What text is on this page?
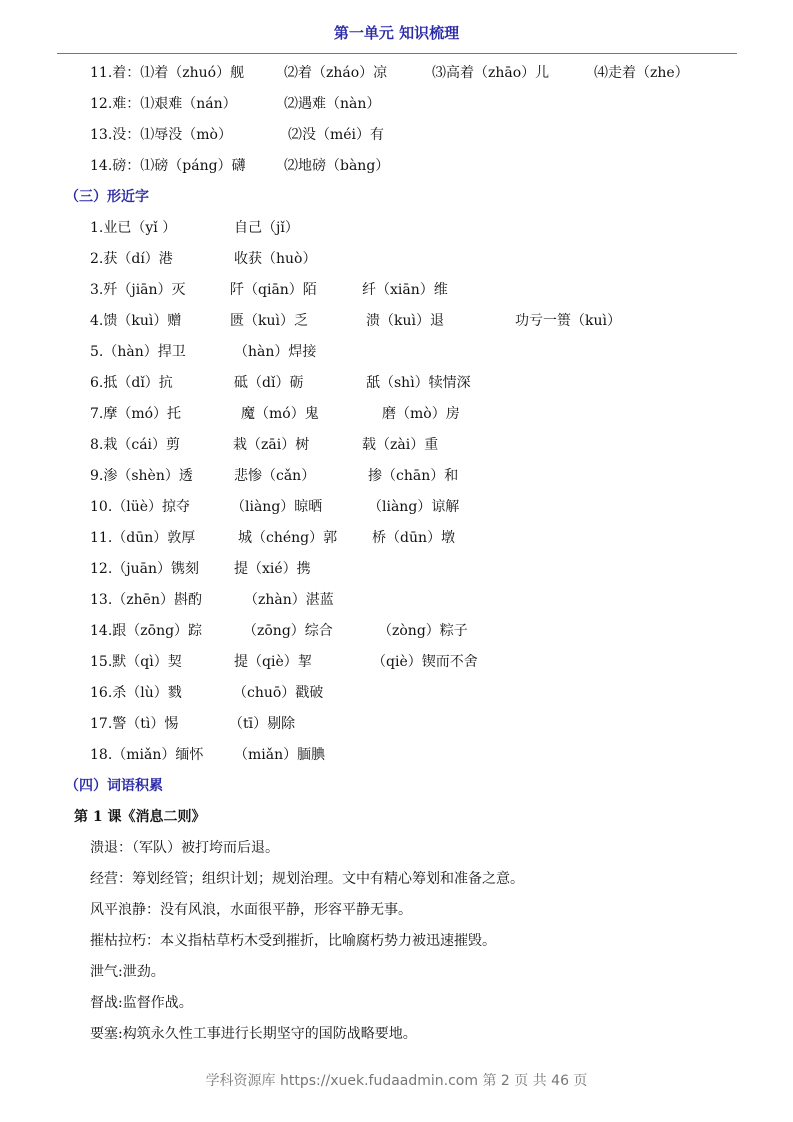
第一单元 知识梳理
11.着：⑴着（zhuó）舰	⑵着（zháo）凉	⑶高着（zhāo）儿	⑷走着（zhe）
12.难：⑴艰难（nán）	⑵遇难（nàn）
13.没：⑴辱没（mò）	⑵没（méi）有
14.磅：⑴磅（páng）礴	⑵地磅（bàng）
（三）形近字
1.业已（yǐ ）	自己（jǐ）
2.获（dí）港	收获（huò）
3.歼（jiān）灭	阡（qiān）陌	纤（xiān）维
4.馈（kuì）赠	匮（kuì）乏	溃（kuì）退	功亏一篑（kuì）
5.（hàn）捍卫	（hàn）焊接
6.抵（dǐ）抗	砥（dǐ）砺	舐（shì）犊情深
7.摩（mó）托	魔（mó）鬼	磨（mò）房
8.栽（cái）剪	栽（zāi）树	载（zài）重
9.渗（shèn）透	悲惨（cǎn）	掺（chān）和
10.（lüè）掠夺	（liàng）晾晒	（liàng）谅解
11.（dūn）敦厚	城（chéng）郭 桥（dūn）墩
12.（juān）镌刻	提（xié）携
13.（zhēn）斟酌	（zhàn）湛蓝
14.跟（zōng）踪	（zōng）综合	（zòng）粽子
15.默（qì）契	提（qiè）挈	（qiè）锲而不舍
16.杀（lù）戮	（chuō）戳破
17.警（tì）惕	（tī）剔除
18.（miǎn）缅怀 （miǎn）腼腆
（四）词语积累
第 1 课《消息二则》
溃退：（军队）被打垮而后退。
经营：筹划经管；组织计划；规划治理。文中有精心筹划和准备之意。
风平浪静：没有风浪，水面很平静，形容平静无事。
摧枯拉朽：本义指枯草朽木受到摧折，比喻腐朽势力被迅速摧毁。
泄气:泄劲。
督战:监督作战。
要塞:构筑永久性工事进行长期坚守的国防战略要地。
学科资源库 https://xuek.fudaadmin.com 第 2 页 共 46 页
